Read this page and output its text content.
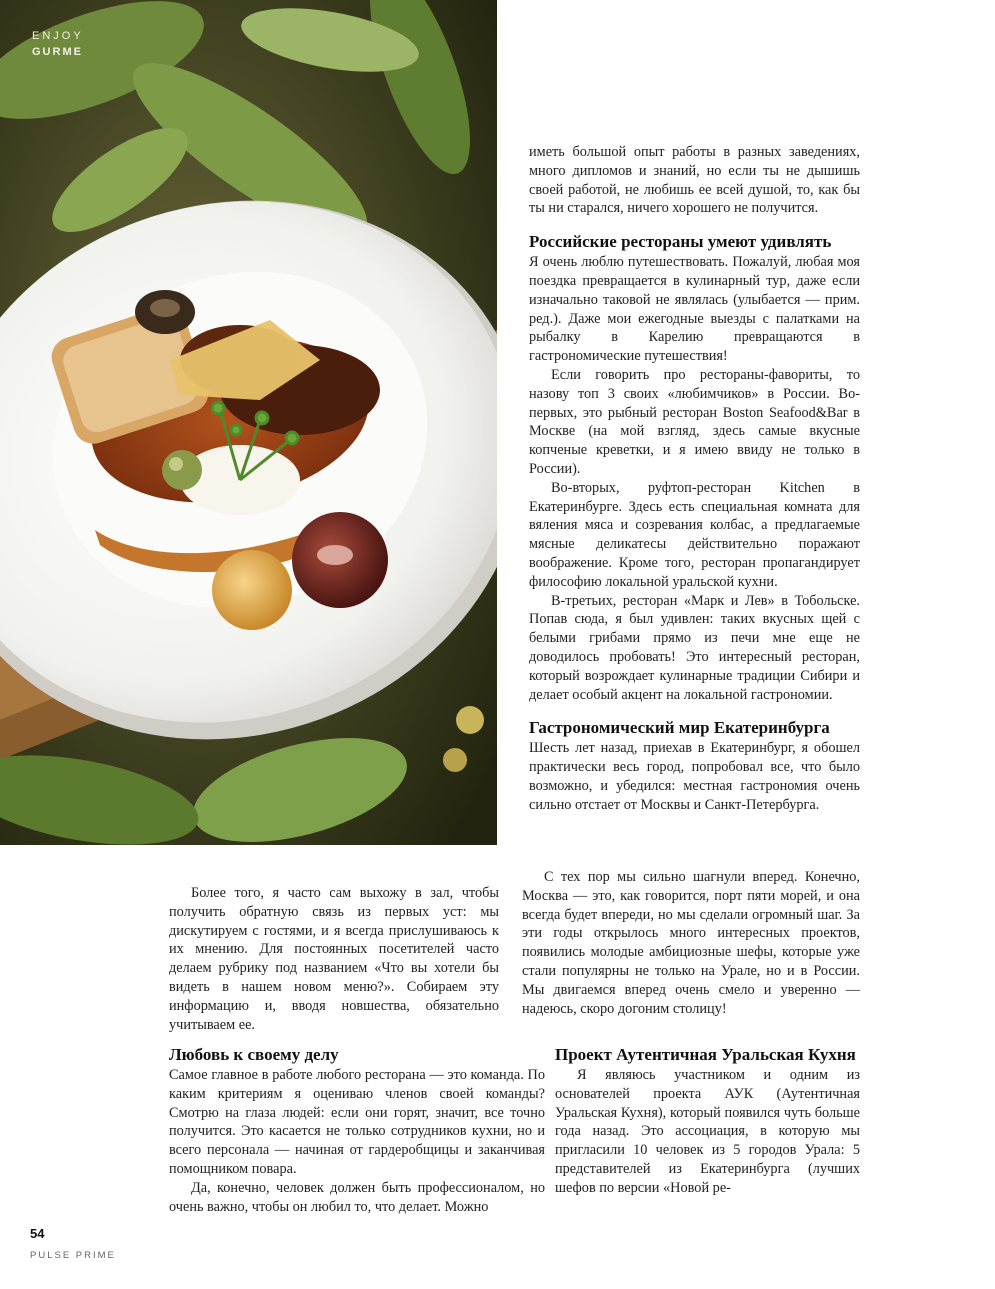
ENJOY
GURME

иметь большой опыт работы в разных заведениях, много дипломов и знаний, но если ты не дышишь своей работой, не любишь ее всей душой, то, как бы ты ни старался, ничего хорошего не получится.

Российские рестораны умеют удивлять

Я очень люблю путешествовать. Пожалуй, любая моя поездка превращается в кулинарный тур, даже если изначально таковой не являлась (улыбается — прим. ред.). Даже мои ежегодные выезды с палатками на рыбалку в Карелию превращаются в гастрономические путешествия!

Если говорить про рестораны-фавориты, то назову топ 3 своих «любимчиков» в России. Во-первых, это рыбный ресторан Boston Seafood&Bar в Москве (на мой взгляд, здесь самые вкусные копченые креветки, и я имею ввиду не только в России).

Во-вторых, руфтоп-ресторан Kitchen в Екатеринбурге. Здесь есть специальная комната для вяления мяса и созревания колбас, а предлагаемые мясные деликатесы действительно поражают воображение. Кроме того, ресторан пропагандирует философию локальной уральской кухни.

В-третьих, ресторан «Марк и Лев» в Тобольске. Попав сюда, я был удивлен: таких вкусных щей с белыми грибами прямо из печи мне еще не доводилось пробовать! Это интересный ресторан, который возрождает кулинарные традиции Сибири и делает особый акцент на локальной гастрономии.

Гастрономический мир Екатеринбурга

Шесть лет назад, приехав в Екатеринбург, я обошел практически весь город, попробовал все, что было возможно, и убедился: местная гастрономия очень сильно отстает от Москвы и Санкт-Петербурга.

С тех пор мы сильно шагнули вперед. Конечно, Москва — это, как говорится, порт пяти морей, и она всегда будет впереди, но мы сделали огромный шаг. За эти годы открылось много интересных проектов, появились молодые амбициозные шефы, которые уже стали популярны не только на Урале, но и в России. Мы двигаемся вперед очень смело и уверенно — надеюсь, скоро догоним столицу!

Проект Аутентичная Уральская Кухня

Я являюсь участником и одним из основателей проекта АУК (Аутентичная Уральская Кухня), который появился чуть больше года назад. Это ассоциация, в которую мы пригласили 10 человек из 5 городов Урала: 5 представителей из Екатеринбурга (лучших шефов по версии «Новой ре-

Более того, я часто сам выхожу в зал, чтобы получить обратную связь из первых уст: мы дискутируем с гостями, и я всегда прислушиваюсь к их мнению. Для постоянных посетителей часто делаем рубрику под названием «Что вы хотели бы видеть в нашем новом меню?». Собираем эту информацию и, вводя новшества, обязательно учитываем ее.

Любовь к своему делу

Самое главное в работе любого ресторана — это команда. По каким критериям я оцениваю членов своей команды? Смотрю на глаза людей: если они горят, значит, все точно получится. Это касается не только сотрудников кухни, но и всего персонала — начиная от гардеробщицы и заканчивая помощником повара.

Да, конечно, человек должен быть профессионалом, но очень важно, чтобы он любил то, что делает. Можно

54
PULSE PRIME
